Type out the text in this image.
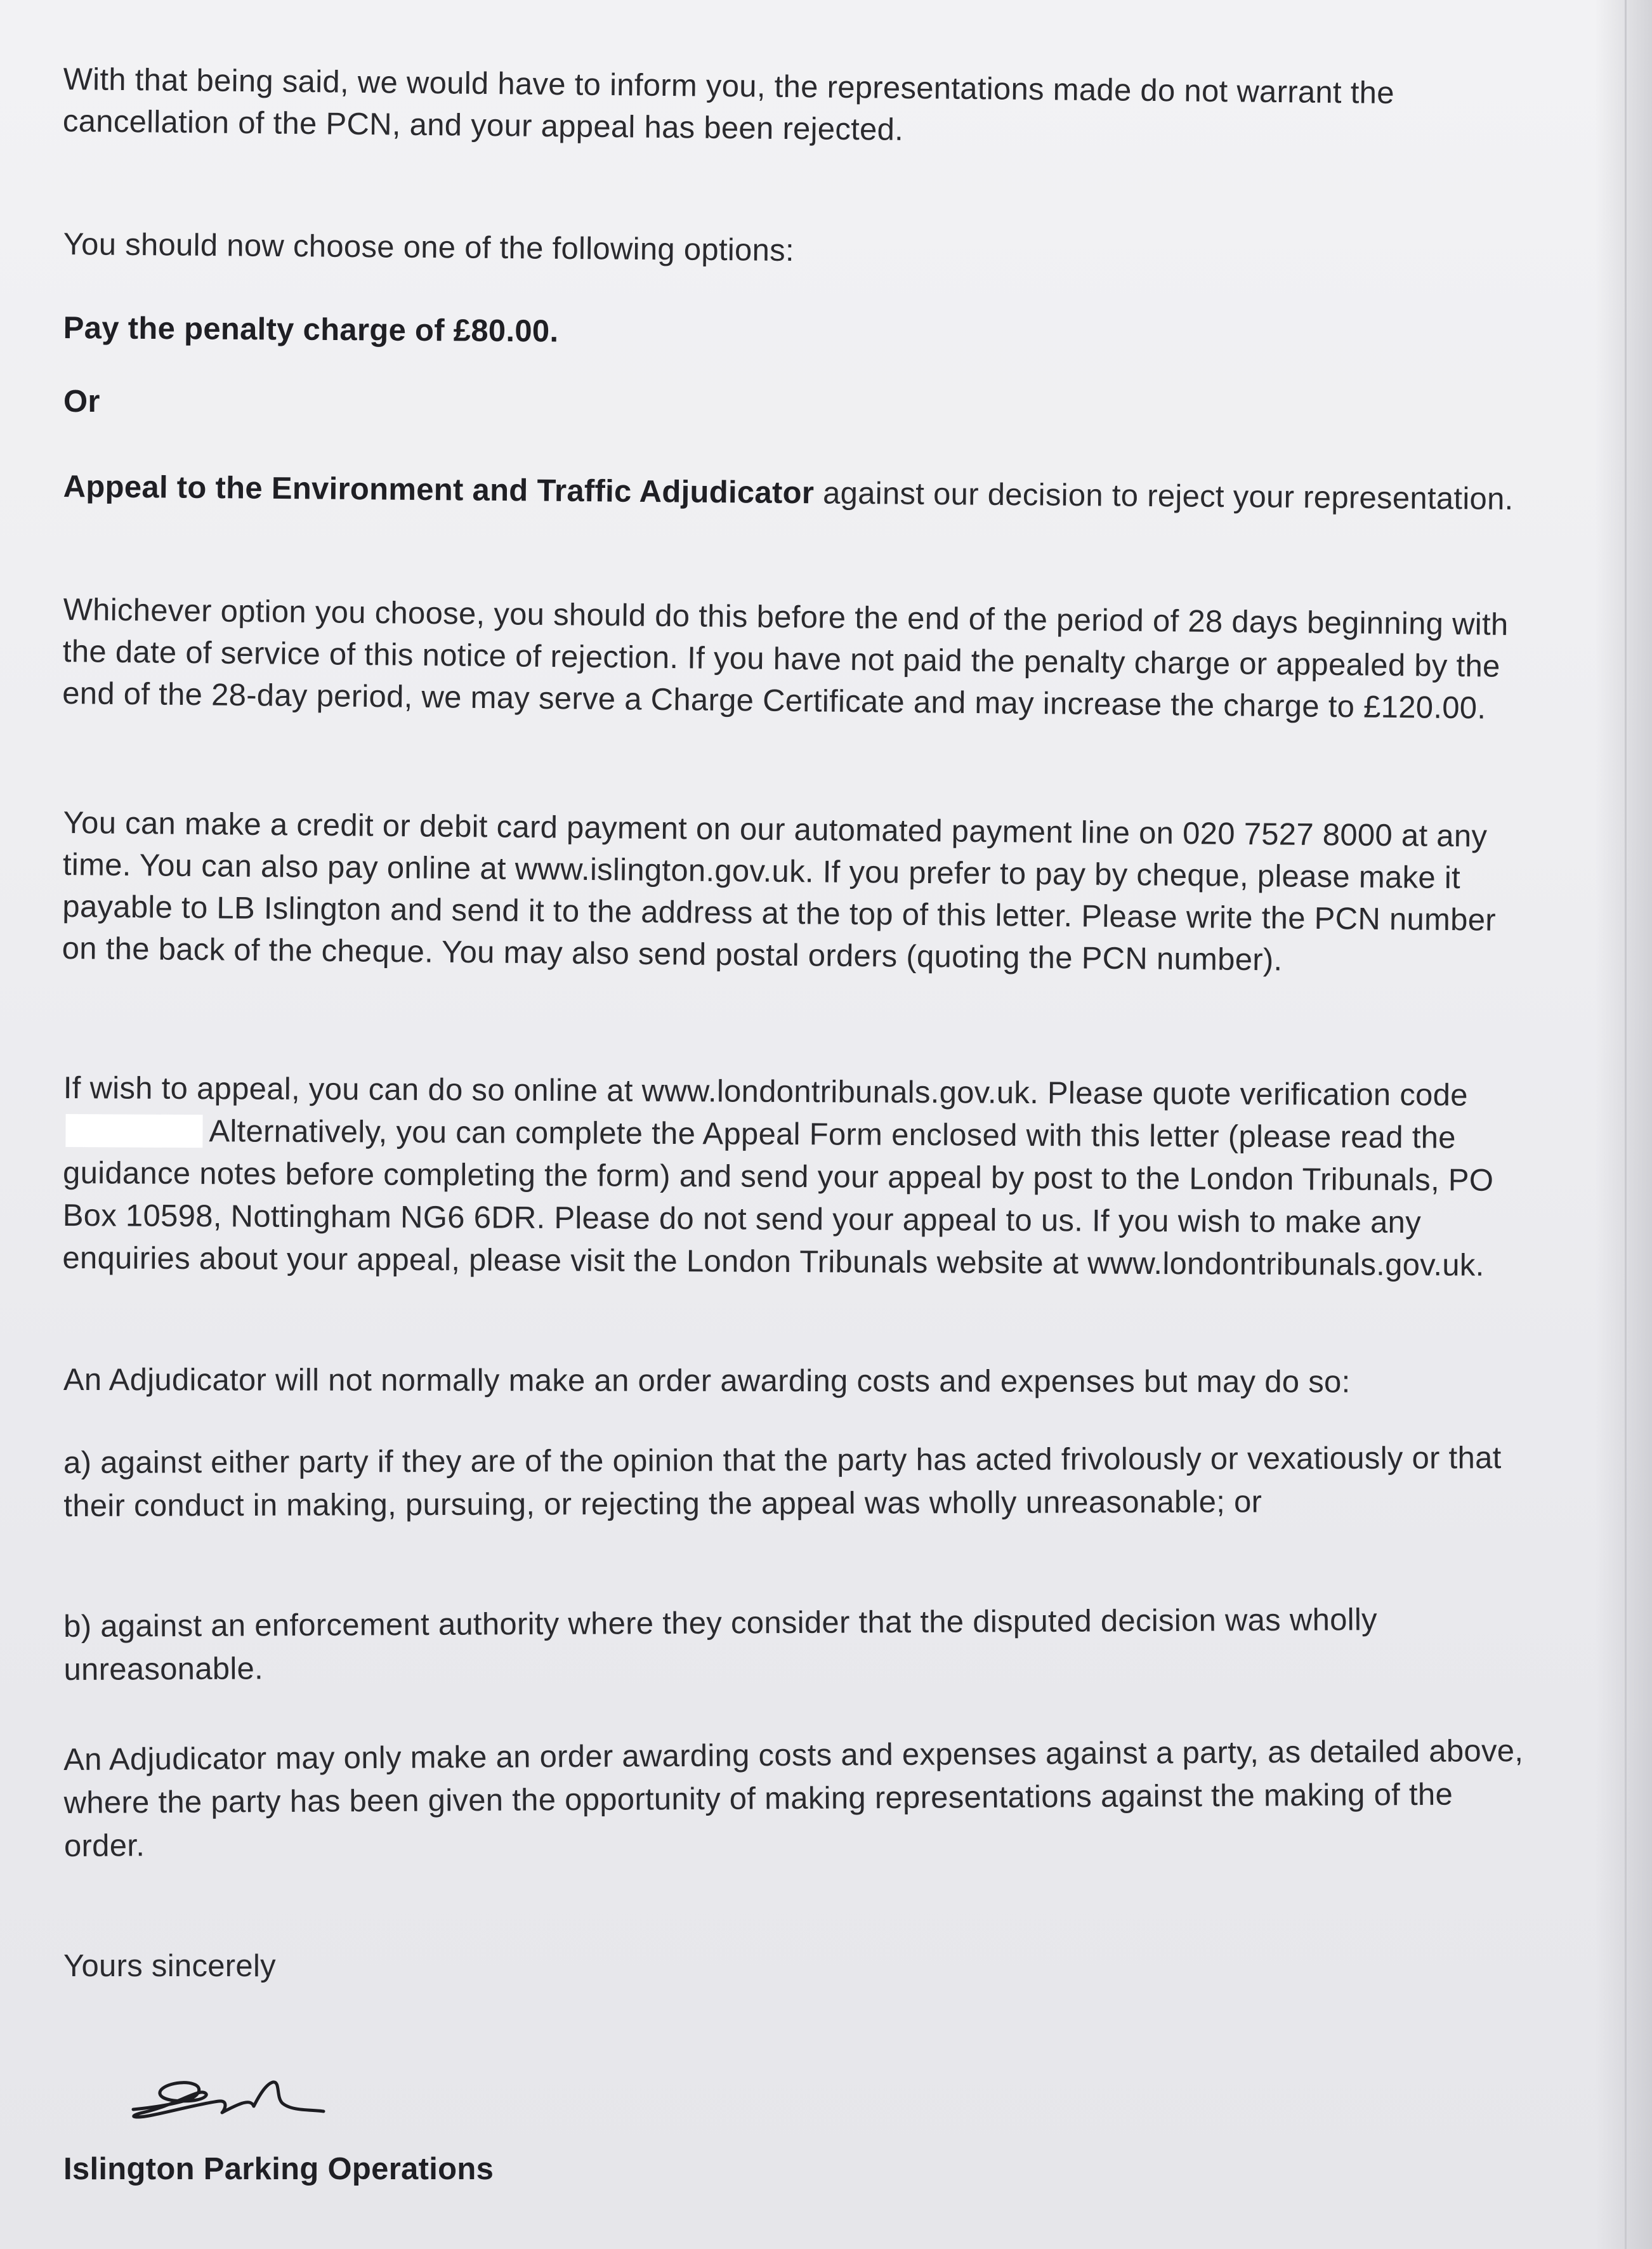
With that being said, we would have to inform you, the representations made do not warrant the cancellation of the PCN, and your appeal has been rejected.
You should now choose one of the following options:
Pay the penalty charge of £80.00.
Or
Appeal to the Environment and Traffic Adjudicator against our decision to reject your representation.
Whichever option you choose, you should do this before the end of the period of 28 days beginning with the date of service of this notice of rejection. If you have not paid the penalty charge or appealed by the end of the 28-day period, we may serve a Charge Certificate and may increase the charge to £120.00.
You can make a credit or debit card payment on our automated payment line on 020 7527 8000 at any time. You can also pay online at www.islington.gov.uk. If you prefer to pay by cheque, please make it payable to LB Islington and send it to the address at the top of this letter. Please write the PCN number on the back of the cheque. You may also send postal orders (quoting the PCN number).
If wish to appeal, you can do so online at www.londontribunals.gov.uk. Please quote verification codeAlternatively, you can complete the Appeal Form enclosed with this letter (please read the guidance notes before completing the form) and send your appeal by post to the London Tribunals, PO Box 10598, Nottingham NG6 6DR. Please do not send your appeal to us. If you wish to make any enquiries about your appeal, please visit the London Tribunals website at www.londontribunals.gov.uk.
An Adjudicator will not normally make an order awarding costs and expenses but may do so:
a) against either party if they are of the opinion that the party has acted frivolously or vexatiously or that their conduct in making, pursuing, or rejecting the appeal was wholly unreasonable; or
b) against an enforcement authority where they consider that the disputed decision was wholly unreasonable.
An Adjudicator may only make an order awarding costs and expenses against a party, as detailed above, where the party has been given the opportunity of making representations against the making of the order.
Yours sincerely
Islington Parking Operations
